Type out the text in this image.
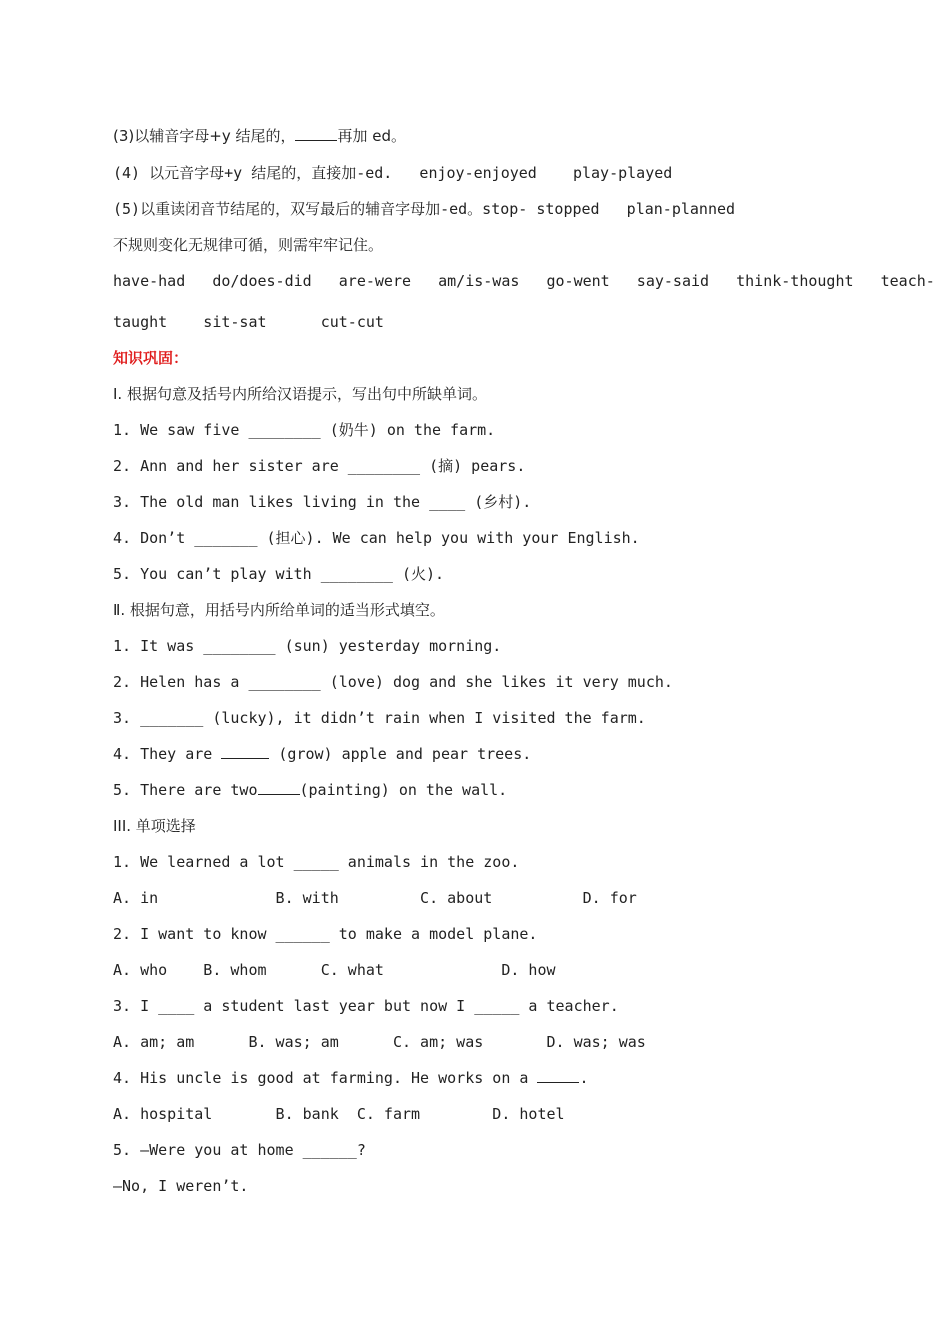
(3)以辅音字母+y 结尾的，	再加 ed。
(4) 以元音字母+y 结尾的，直接加-ed.   enjoy-enjoyed    play-played
(5)以重读闭音节结尾的，双写最后的辅音字母加-ed。stop- stopped   plan-planned
不规则变化无规律可循，则需牢牢记住。
have-had   do/does-did   are-were   am/is-was   go-went   say-said   think-thought   teach-
taught    sit-sat      cut-cut
知识巩固：
Ⅰ. 根据句意及括号内所给汉语提示，写出句中所缺单词。
1. We saw five ________ (奶牛) on the farm.
2. Ann and her sister are ________ (摘) pears.
3. The old man likes living in the ____ (乡村).
4. Don’t _______ (担心). We can help you with your English.
5. You can’t play with ________ (火).
Ⅱ. 根据句意，用括号内所给单词的适当形式填空。
1. It was ________ (sun) yesterday morning.
2. Helen has a ________ (love) dog and she likes it very much.
3. _______ (lucky), it didn’t rain when I visited the farm.
4. They are	(grow) apple and pear trees.
5. There are two	(painting) on the wall.
III. 单项选择
1. We learned a lot _____ animals in the zoo.
A. in             B. with         C. about          D. for
2. I want to know ______ to make a model plane.
A. who    B. whom      C. what             D. how
3. I ____ a student last year but now I _____ a teacher.
A. am; am      B. was; am      C. am; was       D. was; was
4. His uncle is good at farming. He works on a	.
A. hospital       B. bank  C. farm        D. hotel
5. —Were you at home ______?
—No, I weren’t.
